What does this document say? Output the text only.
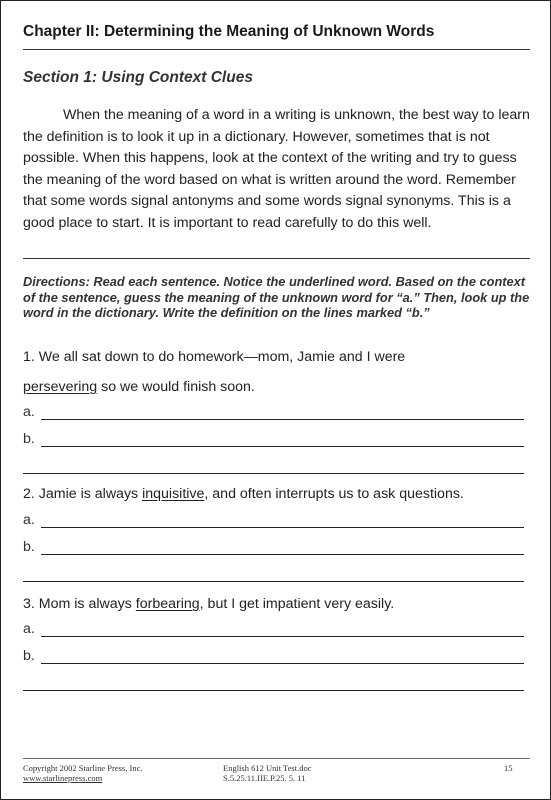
Chapter II: Determining the Meaning of Unknown Words
Section 1: Using Context Clues

When the meaning of a word in a writing is unknown, the best way to learn the definition is to look it up in a dictionary. However, sometimes that is not possible. When this happens, look at the context of the writing and try to guess the meaning of the word based on what is written around the word. Remember that some words signal antonyms and some words signal synonyms. This is a good place to start. It is important to read carefully to do this well.

Directions: Read each sentence. Notice the underlined word. Based on the context of the sentence, guess the meaning of the unknown word for “a.” Then, look up the word in the dictionary. Write the definition on the lines marked “b.”

1. We all sat down to do homework—mom, Jamie and I were
persevering so we would finish soon.

a.
b.

2. Jamie is always inquisitive, and often interrupts us to ask questions.

a.
b.

3. Mom is always forbearing, but I get impatient very easily.

a.
b.
Copyright 2002 Starline Press, Inc.
www.starlinepress.com
English 612 Unit Test.doc
S.5.25.11.IIE.P.25. 5. 11
15
